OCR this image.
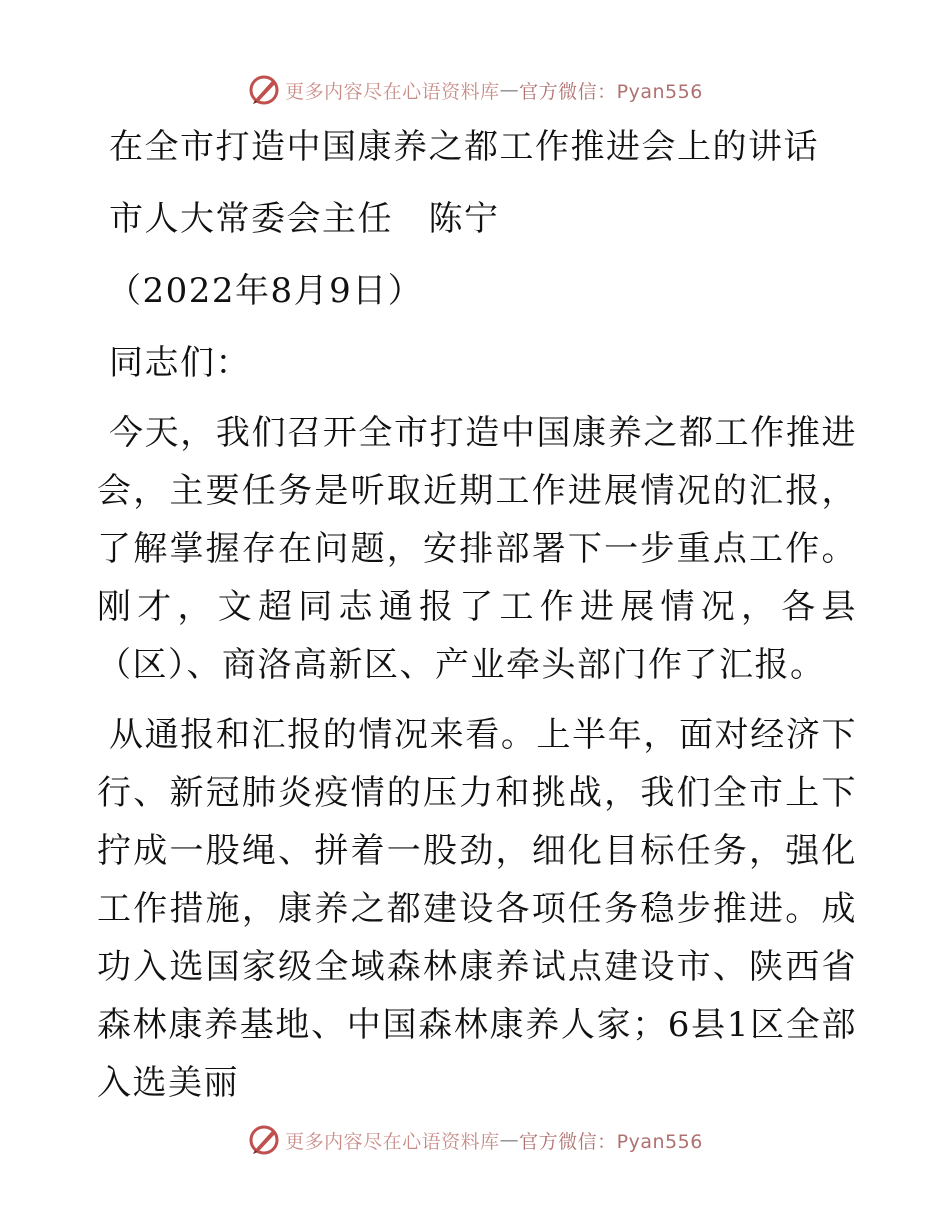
更多内容尽在心语资料库 — 官方微信：Pyan556

在全市打造中国康养之都工作推进会上的讲话

市人大常委会主任　陈宁

（2022年8月9日）

同志们：

今天，我们召开全市打造中国康养之都工作推进会，主要任务是听取近期工作进展情况的汇报，了解掌握存在问题，安排部署下一步重点工作。刚才，文超同志通报了工作进展情况，各县（区）、商洛高新区、产业牵头部门作了汇报。

从通报和汇报的情况来看。上半年，面对经济下行、新冠肺炎疫情的压力和挑战，我们全市上下拧成一股绳、拼着一股劲，细化目标任务，强化工作措施，康养之都建设各项任务稳步推进。成功入选国家级全域森林康养试点建设市、陕西省森林康养基地、中国森林康养人家；6县1区全部入选美丽

更多内容尽在心语资料库 — 官方微信：Pyan556
